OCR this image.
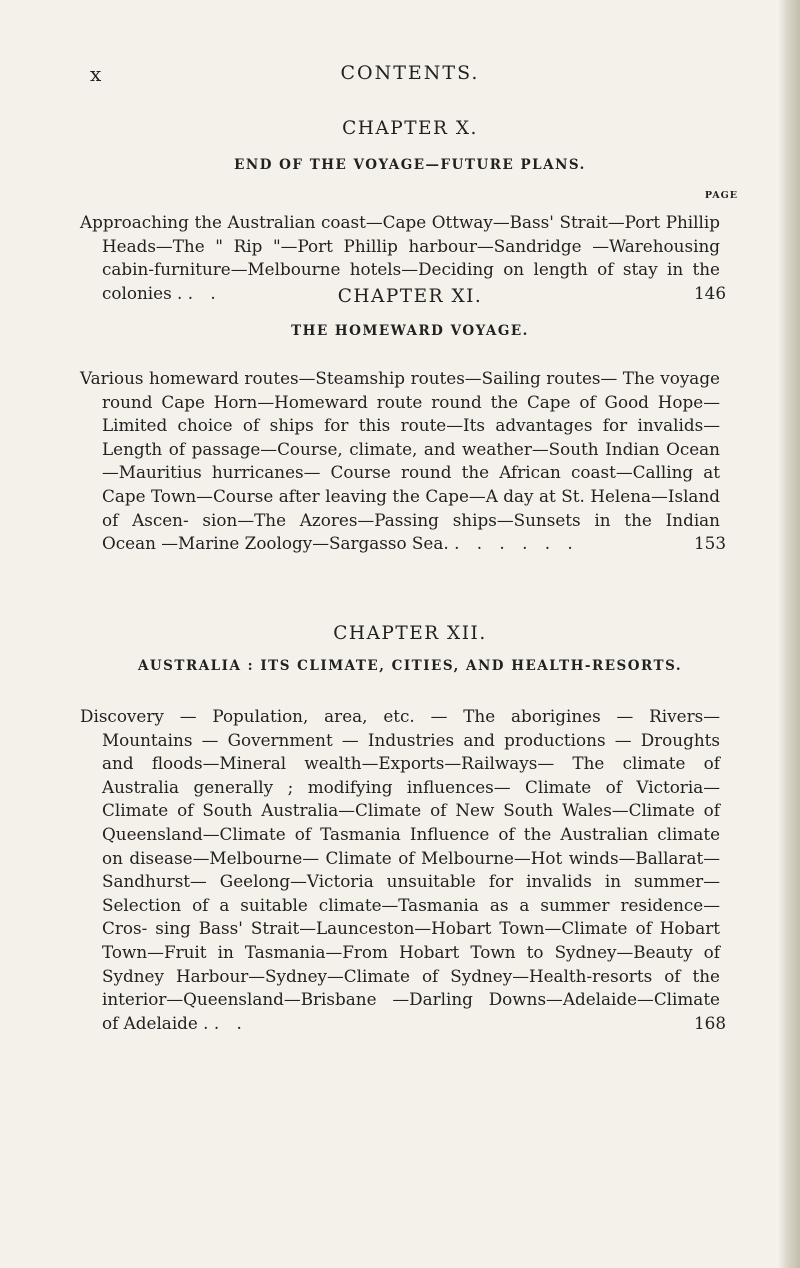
x	CONTENTS.
CHAPTER X.
END OF THE VOYAGE—FUTURE PLANS.
PAGE

Approaching the Australian coast—Cape Ottway—Bass' Strait—Port Phillip Heads—The " Rip "—Port Phillip harbour—Sandridge —Warehousing cabin-furniture—Melbourne hotels—Deciding on length of stay in the colonies . . .	146
CHAPTER XI.
THE HOMEWARD VOYAGE.

Various homeward routes—Steamship routes—Sailing routes— The voyage round Cape Horn—Homeward route round the Cape of Good Hope—Limited choice of ships for this route—Its advantages for invalids—Length of passage—Course, climate, and weather—South Indian Ocean—Mauritius hurricanes— Course round the African coast—Calling at Cape Town—Course after leaving the Cape—A day at St. Helena—Island of Ascen- sion—The Azores—Passing ships—Sunsets in the Indian Ocean —Marine Zoology—Sargasso Sea. . . . . . .	153
CHAPTER XII.
AUSTRALIA : ITS CLIMATE, CITIES, AND HEALTH-RESORTS.

Discovery — Population, area, etc. — The aborigines — Rivers— Mountains — Government — Industries and productions — Droughts and floods—Mineral wealth—Exports—Railways— The climate of Australia generally ; modifying influences— Climate of Victoria—Climate of South Australia—Climate of New South Wales—Climate of Queensland—Climate of Tasmania Influence of the Australian climate on disease—Melbourne— Climate of Melbourne—Hot winds—Ballarat—Sandhurst— Geelong—Victoria unsuitable for invalids in summer—Selection of a suitable climate—Tasmania as a summer residence—Cros- sing Bass' Strait—Launceston—Hobart Town—Climate of Hobart Town—Fruit in Tasmania—From Hobart Town to Sydney—Beauty of Sydney Harbour—Sydney—Climate of Sydney—Health-resorts of the interior—Queensland—Brisbane —Darling Downs—Adelaide—Climate of Adelaide . . .	168
